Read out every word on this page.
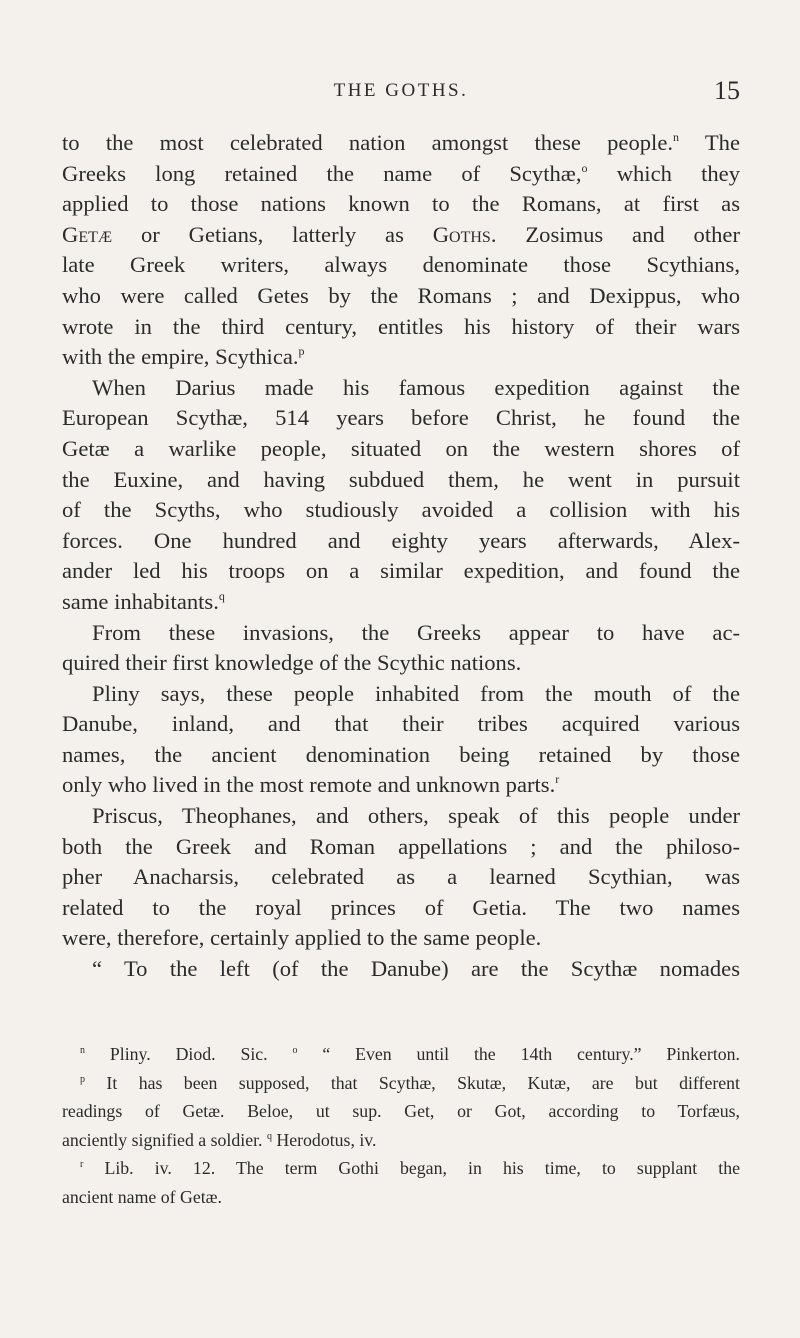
THE GOTHS.	15
to the most celebrated nation amongst these people.$^n$ The
Greeks long retained the name of Scythæ,$^o$ which they
applied to those nations known to the Romans, at first as
Getæ or Getians, latterly as Goths. Zosimus and other
late Greek writers, always denominate those Scythians,
who were called Getes by the Romans ; and Dexippus, who
wrote in the third century, entitles his history of their wars
with the empire, Scythica.$^p$
When Darius made his famous expedition against the
European Scythæ, 514 years before Christ, he found the
Getæ a warlike people, situated on the western shores of
the Euxine, and having subdued them, he went in pursuit
of the Scyths, who studiously avoided a collision with his
forces. One hundred and eighty years afterwards, Alex-
ander led his troops on a similar expedition, and found the
same inhabitants.$^q$
From these invasions, the Greeks appear to have ac-
quired their first knowledge of the Scythic nations.
Pliny says, these people inhabited from the mouth of the
Danube, inland, and that their tribes acquired various
names, the ancient denomination being retained by those
only who lived in the most remote and unknown parts.$^r$
Priscus, Theophanes, and others, speak of this people under
both the Greek and Roman appellations ; and the philoso-
pher Anacharsis, celebrated as a learned Scythian, was
related to the royal princes of Getia. The two names
were, therefore, certainly applied to the same people.
“ To the left (of the Danube) are the Scythæ nomades
$^n$ Pliny. Diod. Sic. $^o$ “ Even until the 14th century.” Pinkerton.
$^p$ It has been supposed, that Scythæ, Skutæ, Kutæ, are but different
readings of Getæ. Beloe, ut sup. Get, or Got, according to Torfæus,
anciently signified a soldier. $^q$ Herodotus, iv.
$^r$ Lib. iv. 12. The term Gothi began, in his time, to supplant the
ancient name of Getæ.
